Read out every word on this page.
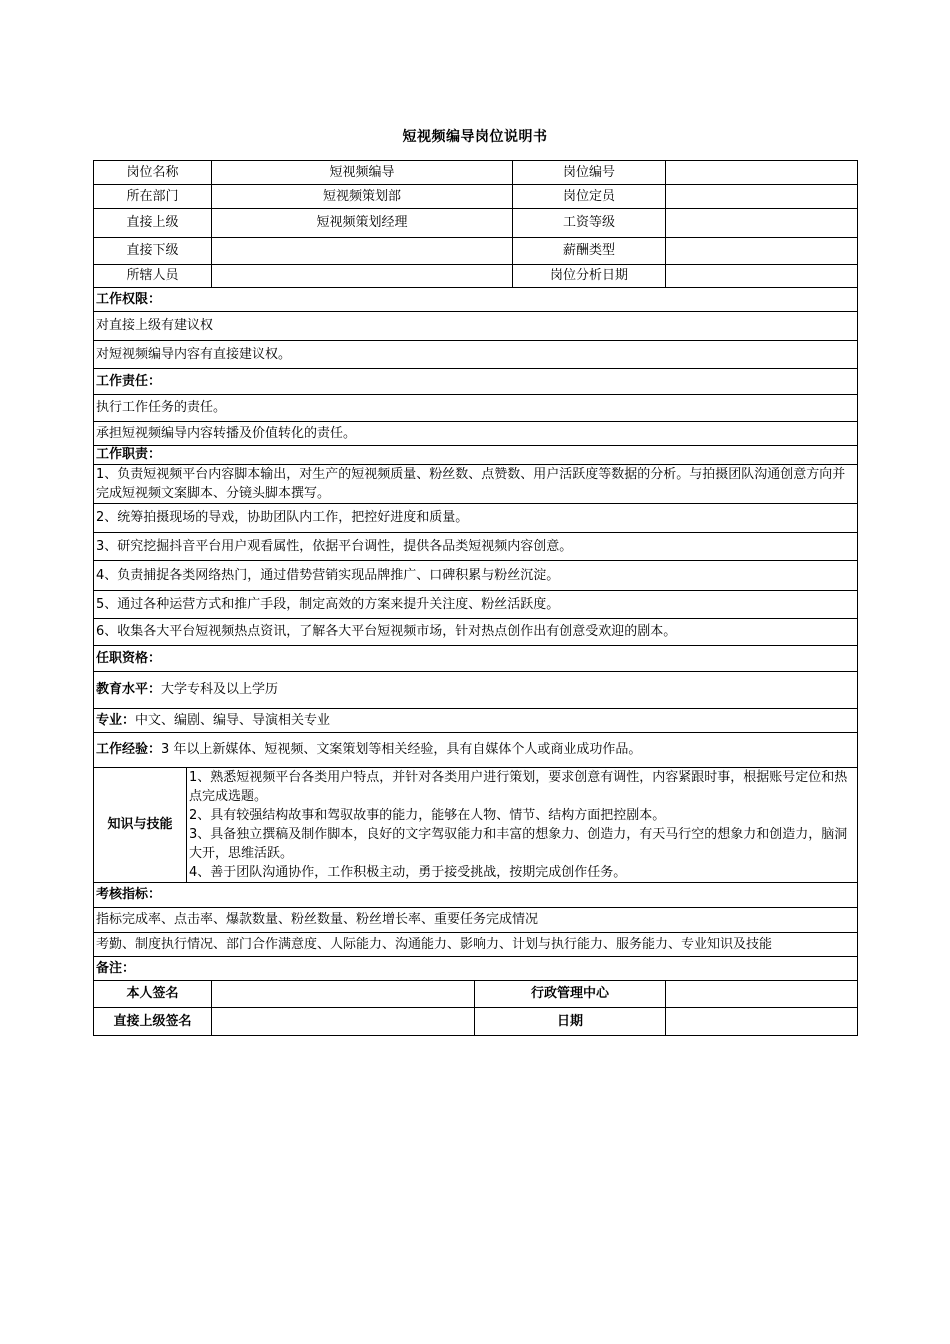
短视频编导岗位说明书
岗位名称		短视频编导		岗位编号	
所在部门		短视频策划部		岗位定员	
直接上级		短视频策划经理		工资等级	
直接下级				薪酬类型	
所辖人员				岗位分析日期	
工作权限：					
对直接上级有建议权					
对短视频编导内容有直接建议权。					
工作责任：					
执行工作任务的责任。					
承担短视频编导内容转播及价值转化的责任。					
工作职责：					
1、负责短视频平台内容脚本输出，对生产的短视频质量、粉丝数、点赞数、用户活跃度等数据的分析。与拍摄团队沟通创意方向并完成短视频文案脚本、分镜头脚本撰写。					
2、统筹拍摄现场的导戏，协助团队内工作，把控好进度和质量。					
3、研究挖掘抖音平台用户观看属性，依据平台调性，提供各品类短视频内容创意。					
4、负责捕捉各类网络热门，通过借势营销实现品牌推广、口碑积累与粉丝沉淀。					
5、通过各种运营方式和推广手段，制定高效的方案来提升关注度、粉丝活跃度。					
6、收集各大平台短视频热点资讯，了解各大平台短视频市场，针对热点创作出有创意受欢迎的剧本。					
任职资格：					
教育水平：大学专科及以上学历					
专业：中文、编剧、编导、导演相关专业					
工作经验：3 年以上新媒体、短视频、文案策划等相关经验，具有自媒体个人或商业成功作品。					
知识与技能	1、熟悉短视频平台各类用户特点，并针对各类用户进行策划，要求创意有调性，内容紧跟时事，根据账号定位和热点完成选题。
2、具有较强结构故事和驾驭故事的能力，能够在人物、情节、结构方面把控剧本。
3、具备独立撰稿及制作脚本，良好的文字驾驭能力和丰富的想象力、创造力，有天马行空的想象力和创造力，脑洞大开，思维活跃。
4、善于团队沟通协作，工作积极主动，勇于接受挑战，按期完成创作任务。				

考核指标：					
指标完成率、点击率、爆款数量、粉丝数量、粉丝增长率、重要任务完成情况					
考勤、制度执行情况、部门合作满意度、人际能力、沟通能力、影响力、计划与执行能力、服务能力、专业知识及技能					
备注：					
本人签名			行政管理中心		
直接上级签名			日期		
